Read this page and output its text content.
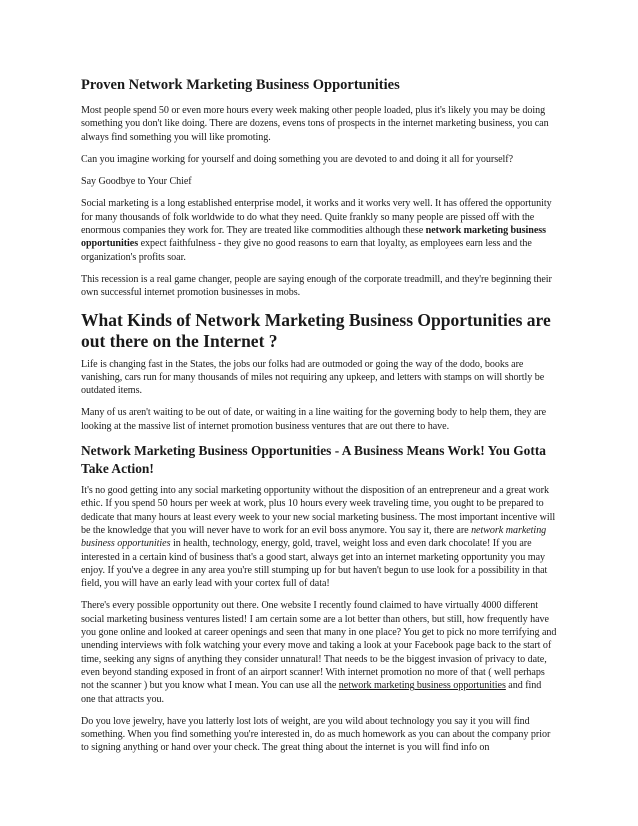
Proven Network Marketing Business Opportunities

Most people spend 50 or even more hours every week making other people loaded, plus it's likely you may be doing something you don't like doing. There are dozens, evens tons of prospects in the internet marketing business, you can always find something you will like promoting.

Can you imagine working for yourself and doing something you are devoted to and doing it all for yourself?

Say Goodbye to Your Chief

Social marketing is a long established enterprise model, it works and it works very well. It has offered the opportunity for many thousands of folk worldwide to do what they need. Quite frankly so many people are pissed off with the enormous companies they work for. They are treated like commodities although these network marketing business opportunities expect faithfulness - they give no good reasons to earn that loyalty, as employees earn less and the organization's profits soar.

This recession is a real game changer, people are saying enough of the corporate treadmill, and they're beginning their own successful internet promotion businesses in mobs.

What Kinds of Network Marketing Business Opportunities are out there on the Internet ?

Life is changing fast in the States, the jobs our folks had are outmoded or going the way of the dodo, books are vanishing, cars run for many thousands of miles not requiring any upkeep, and letters with stamps on will shortly be outdated items.

Many of us aren't waiting to be out of date, or waiting in a line waiting for the governing body to help them, they are looking at the massive list of internet promotion business ventures that are out there to have.

Network Marketing Business Opportunities - A Business Means Work! You Gotta Take Action!

It's no good getting into any social marketing opportunity without the disposition of an entrepreneur and a great work ethic. If you spend 50 hours per week at work, plus 10 hours every week traveling time, you ought to be prepared to dedicate that many hours at least every week to your new social marketing business. The most important incentive will be the knowledge that you will never have to work for an evil boss anymore. You say it, there are network marketing business opportunities in health, technology, energy, gold, travel, weight loss and even dark chocolate! If you are interested in a certain kind of business that's a good start, always get into an internet marketing opportunity you may enjoy. If you've a degree in any area you're still stumping up for but haven't begun to use look for a possibility in that field, you will have an early lead with your cortex full of data!

There's every possible opportunity out there. One website I recently found claimed to have virtually 4000 different social marketing business ventures listed! I am certain some are a lot better than others, but still, how frequently have you gone online and looked at career openings and seen that many in one place? You get to pick no more terrifying and unending interviews with folk watching your every move and taking a look at your Facebook page back to the start of time, seeking any signs of anything they consider unnatural! That needs to be the biggest invasion of privacy to date, even beyond standing exposed in front of an airport scanner! With internet promotion no more of that ( well perhaps not the scanner ) but you know what I mean. You can use all the network marketing business opportunities and find one that attracts you.

Do you love jewelry, have you latterly lost lots of weight, are you wild about technology you say it you will find something. When you find something you're interested in, do as much homework as you can about the company prior to signing anything or hand over your check. The great thing about the internet is you will find info on
